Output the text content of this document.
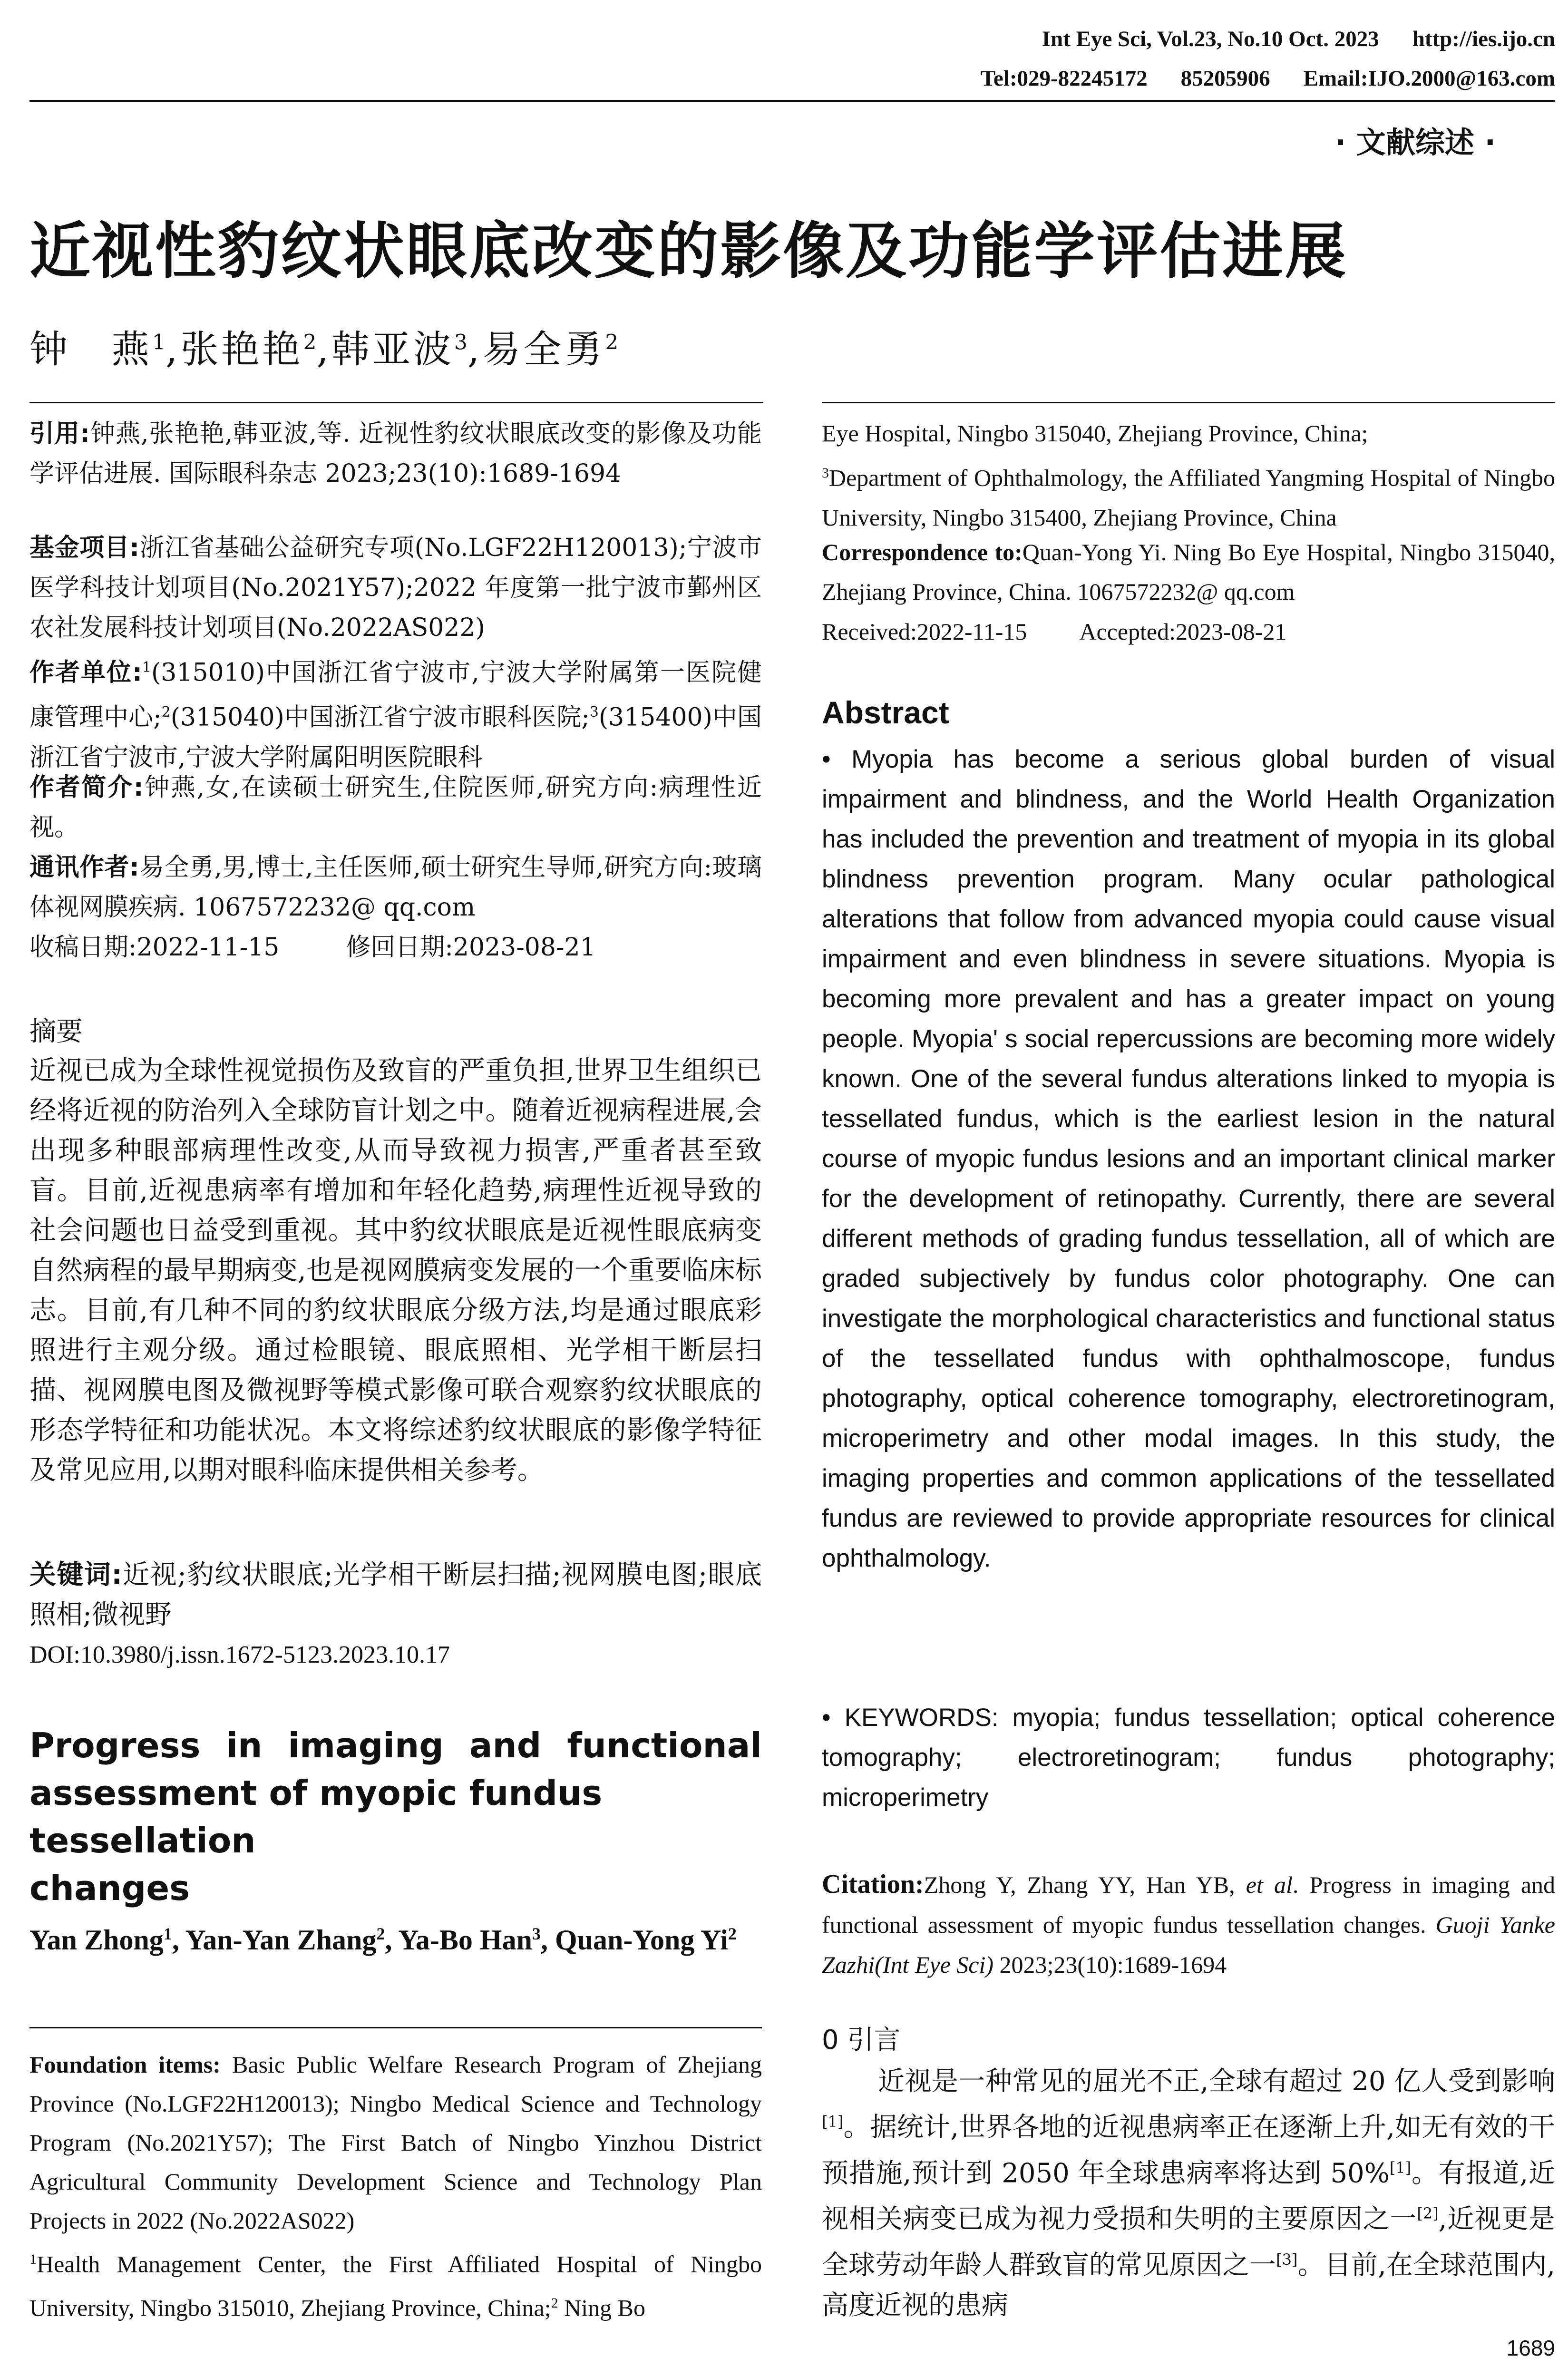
Int Eye Sci, Vol.23, No.10 Oct. 2023 http://ies.ijo.cn
Tel:029-82245172 85205906 Email:IJO.2000@163.com
· 文献综述 ·
近视性豹纹状眼底改变的影像及功能学评估进展
钟　燕$^1$,张艳艳$^2$,韩亚波$^3$,易全勇$^2$
引用:钟燕,张艳艳,韩亚波,等. 近视性豹纹状眼底改变的影像及功能学评估进展. 国际眼科杂志 2023;23(10):1689-1694
基金项目:浙江省基础公益研究专项(No.LGF22H120013);宁波市医学科技计划项目(No.2021Y57);2022 年度第一批宁波市鄞州区农社发展科技计划项目(No.2022AS022)
作者单位:$^1$(315010)中国浙江省宁波市,宁波大学附属第一医院健康管理中心;$^2$(315040)中国浙江省宁波市眼科医院;$^3$(315400)中国浙江省宁波市,宁波大学附属阳明医院眼科
作者简介:钟燕,女,在读硕士研究生,住院医师,研究方向:病理性近视。
通讯作者:易全勇,男,博士,主任医师,硕士研究生导师,研究方向:玻璃体视网膜疾病. 1067572232@ qq.com
收稿日期:2022-11-15	修回日期:2023-08-21
摘要
近视已成为全球性视觉损伤及致盲的严重负担,世界卫生组织已经将近视的防治列入全球防盲计划之中。随着近视病程进展,会出现多种眼部病理性改变,从而导致视力损害,严重者甚至致盲。目前,近视患病率有增加和年轻化趋势,病理性近视导致的社会问题也日益受到重视。其中豹纹状眼底是近视性眼底病变自然病程的最早期病变,也是视网膜病变发展的一个重要临床标志。目前,有几种不同的豹纹状眼底分级方法,均是通过眼底彩照进行主观分级。通过检眼镜、眼底照相、光学相干断层扫描、视网膜电图及微视野等模式影像可联合观察豹纹状眼底的形态学特征和功能状况。本文将综述豹纹状眼底的影像学特征及常见应用,以期对眼科临床提供相关参考。
关键词:近视;豹纹状眼底;光学相干断层扫描;视网膜电图;眼底照相;微视野
DOI:10.3980/j.issn.1672-5123.2023.10.17
Progress in imaging and functional
assessment of myopic fundus tessellation
changes
Yan Zhong$^1$, Yan-Yan Zhang$^2$, Ya-Bo Han$^3$, Quan-Yong Yi$^2$
Foundation items: Basic Public Welfare Research Program of Zhejiang Province (No.LGF22H120013); Ningbo Medical Science and Technology Program (No.2021Y57); The First Batch of Ningbo Yinzhou District Agricultural Community Development Science and Technology Plan Projects in 2022 (No.2022AS022)
$^1$Health Management Center, the First Affiliated Hospital of Ningbo University, Ningbo 315010, Zhejiang Province, China;$^2$ Ning Bo
Eye Hospital, Ningbo 315040, Zhejiang Province, China;
$^3$Department of Ophthalmology, the Affiliated Yangming Hospital of Ningbo University, Ningbo 315400, Zhejiang Province, China
Correspondence to:Quan-Yong Yi. Ning Bo Eye Hospital, Ningbo 315040, Zhejiang Province, China. 1067572232@ qq.com
Received:2022-11-15 Accepted:2023-08-21
Abstract
• Myopia has become a serious global burden of visual impairment and blindness, and the World Health Organization has included the prevention and treatment of myopia in its global blindness prevention program. Many ocular pathological alterations that follow from advanced myopia could cause visual impairment and even blindness in severe situations. Myopia is becoming more prevalent and has a greater impact on young people. Myopia' s social repercussions are becoming more widely known. One of the several fundus alterations linked to myopia is tessellated fundus, which is the earliest lesion in the natural course of myopic fundus lesions and an important clinical marker for the development of retinopathy. Currently, there are several different methods of grading fundus tessellation, all of which are graded subjectively by fundus color photography. One can investigate the morphological characteristics and functional status of the tessellated fundus with ophthalmoscope, fundus photography, optical coherence tomography, electroretinogram, microperimetry and other modal images. In this study, the imaging properties and common applications of the tessellated fundus are reviewed to provide appropriate resources for clinical ophthalmology.
• KEYWORDS: myopia; fundus tessellation; optical coherence tomography; electroretinogram; fundus photography; microperimetry
Citation:Zhong Y, Zhang YY, Han YB, et al. Progress in imaging and functional assessment of myopic fundus tessellation changes. Guoji Yanke Zazhi(Int Eye Sci) 2023;23(10):1689-1694
0 引言
近视是一种常见的屈光不正,全球有超过 20 亿人受到影响[1]。据统计,世界各地的近视患病率正在逐渐上升,如无有效的干预措施,预计到 2050 年全球患病率将达到 50%[1]。有报道,近视相关病变已成为视力受损和失明的主要原因之一[2],近视更是全球劳动年龄人群致盲的常见原因之一[3]。目前,在全球范围内,高度近视的患病
1689
